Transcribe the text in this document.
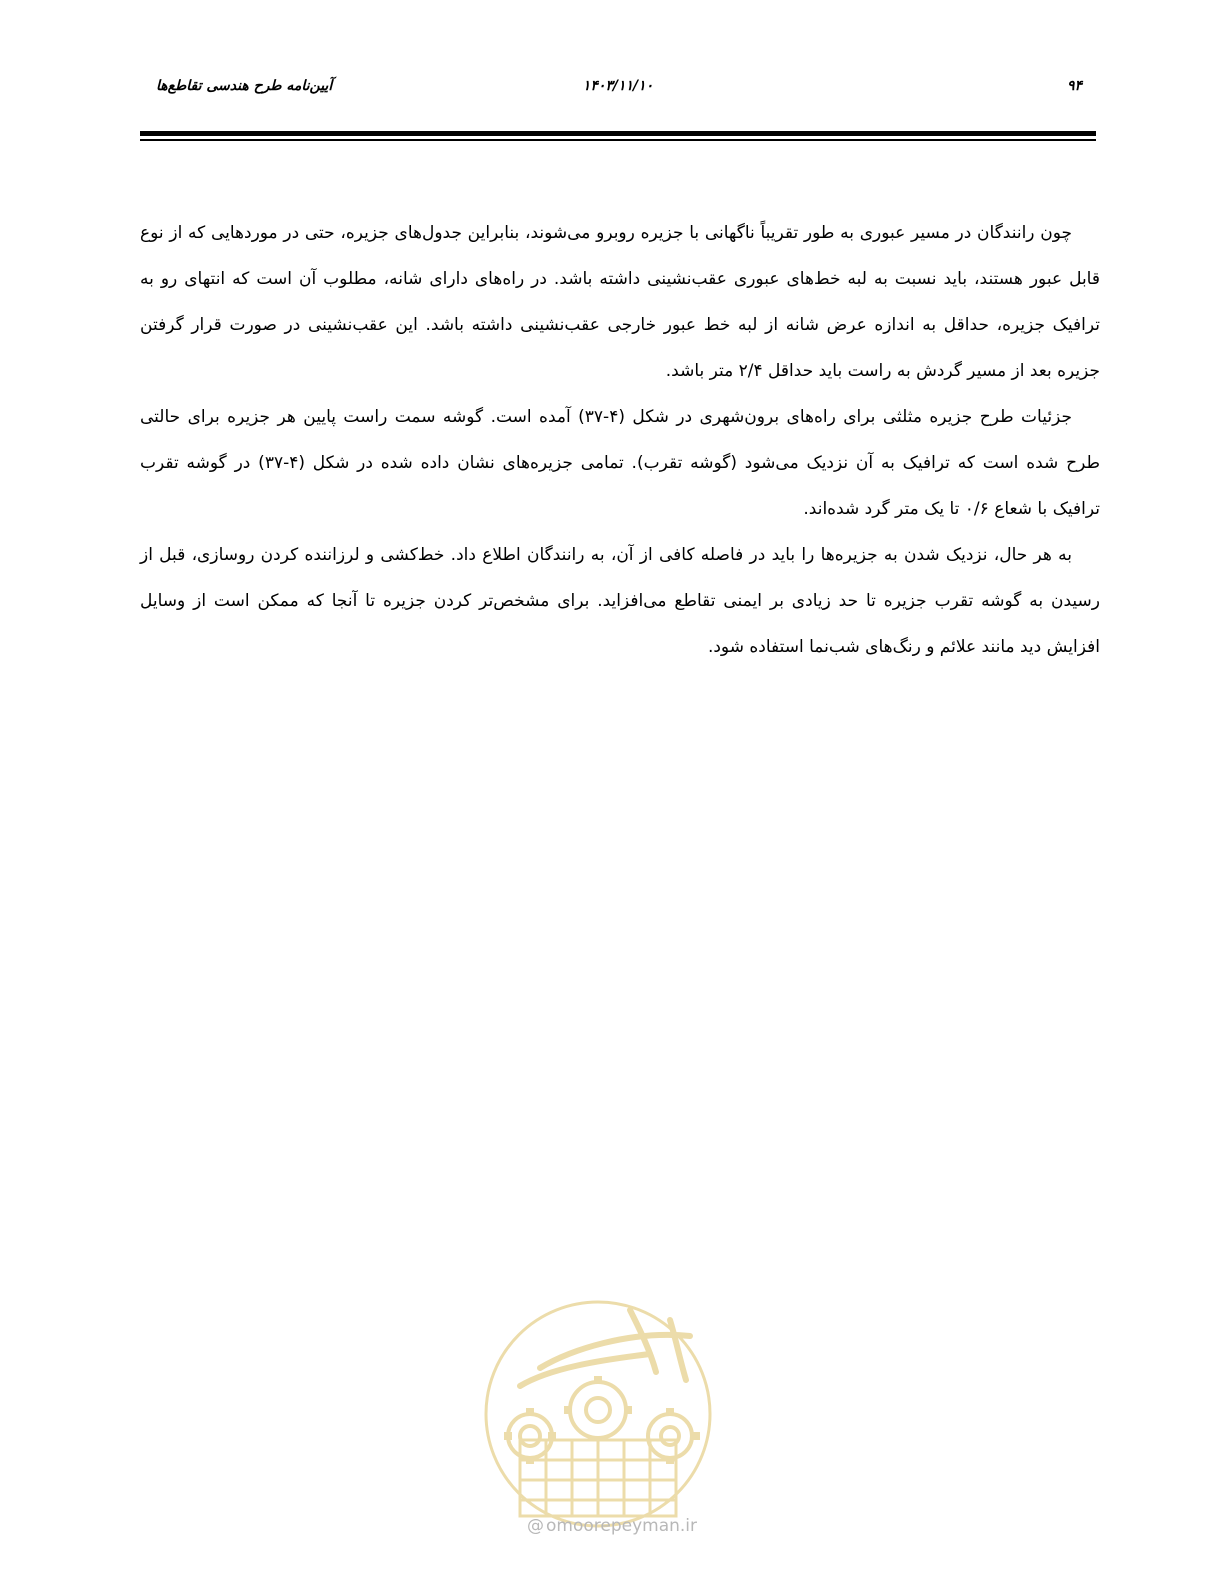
آیین‌نامه طرح هندسی تقاطع‌ها	۱۴۰۳/۱۱/۱۰	۹۴

چون رانندگان در مسیر عبوری به طور تقریباً ناگهانی با جزیره روبرو می‌شوند، بنابراین جدول‌های جزیره، حتی در موردهایی که از نوع قابل عبور هستند، باید نسبت به لبه خط‌های عبوری عقب‌نشینی داشته باشد. در راه‌های دارای شانه، مطلوب آن است که انتهای رو به ترافیک جزیره، حداقل به اندازه عرض شانه از لبه خط عبور خارجی عقب‌نشینی داشته باشد. این عقب‌نشینی در صورت قرار گرفتن جزیره بعد از مسیر گردش به راست باید حداقل ۲/۴ متر باشد.

جزئیات طرح جزیره مثلثی برای راه‌های برون‌شهری در شکل (۴-۳۷) آمده است. گوشه سمت راست پایین هر جزیره برای حالتی طرح شده است که ترافیک به آن نزدیک می‌شود (گوشه تقرب). تمامی جزیره‌های نشان داده شده در شکل (۴-۳۷) در گوشه تقرب ترافیک با شعاع ۰/۶ تا یک متر گرد شده‌اند.

به هر حال، نزدیک شدن به جزیره‌ها را باید در فاصله کافی از آن، به رانندگان اطلاع داد. خط‌کشی و لرزاننده کردن روسازی، قبل از رسیدن به گوشه تقرب جزیره تا حد زیادی بر ایمنی تقاطع می‌افزاید. برای مشخص‌تر کردن جزیره تا آنجا که ممکن است از وسایل افزایش دید مانند علائم و رنگ‌های شب‌نما استفاده شود.

@ omoorepeyman.ir
